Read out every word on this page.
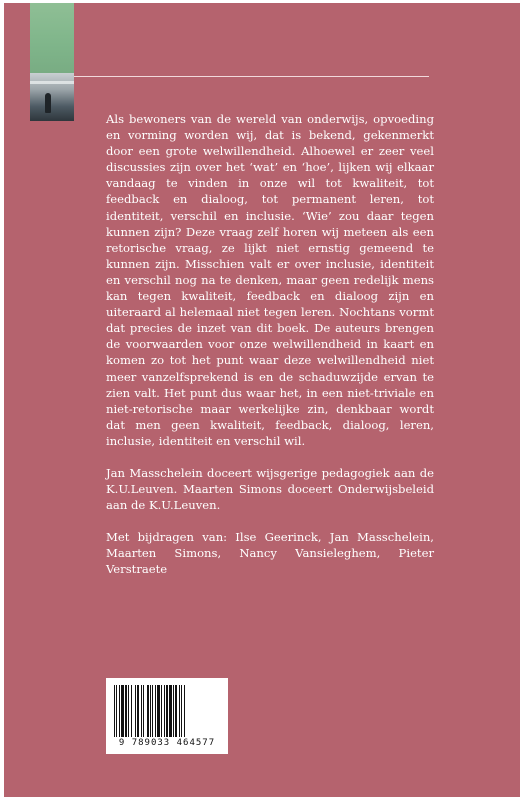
Als bewoners van de wereld van onderwijs, opvoeding en vorming worden wij, dat is bekend, gekenmerkt door een grote welwillendheid. Alhoewel er zeer veel discussies zijn over het ‘wat’ en ‘hoe’, lijken wij elkaar vandaag te vinden in onze wil tot kwaliteit, tot feedback en dialoog, tot permanent leren, tot identiteit, verschil en inclusie. ‘Wie’ zou daar tegen kunnen zijn? Deze vraag zelf horen wij meteen als een retorische vraag, ze lijkt niet ernstig gemeend te kunnen zijn. Misschien valt er over inclusie, identiteit en verschil nog na te denken, maar geen redelijk mens kan tegen kwaliteit, feedback en dialoog zijn en uiteraard al helemaal niet tegen leren. Nochtans vormt dat precies de inzet van dit boek. De auteurs brengen de voorwaarden voor onze welwillendheid in kaart en komen zo tot het punt waar deze welwillendheid niet meer vanzelfsprekend is en de schaduwzijde ervan te zien valt. Het punt dus waar het, in een niet-triviale en niet-retorische maar werkelijke zin, denkbaar wordt dat men geen kwaliteit, feedback, dialoog, leren, inclusie, identiteit en verschil wil.

Jan Masschelein doceert wijsgerige pedagogiek aan de K.U.Leuven. Maarten Simons doceert Onderwijsbeleid aan de K.U.Leuven.

Met bijdragen van: Ilse Geerinck, Jan Masschelein, Maarten Simons, Nancy Vansieleghem, Pieter Verstraete

9 789033 464577
